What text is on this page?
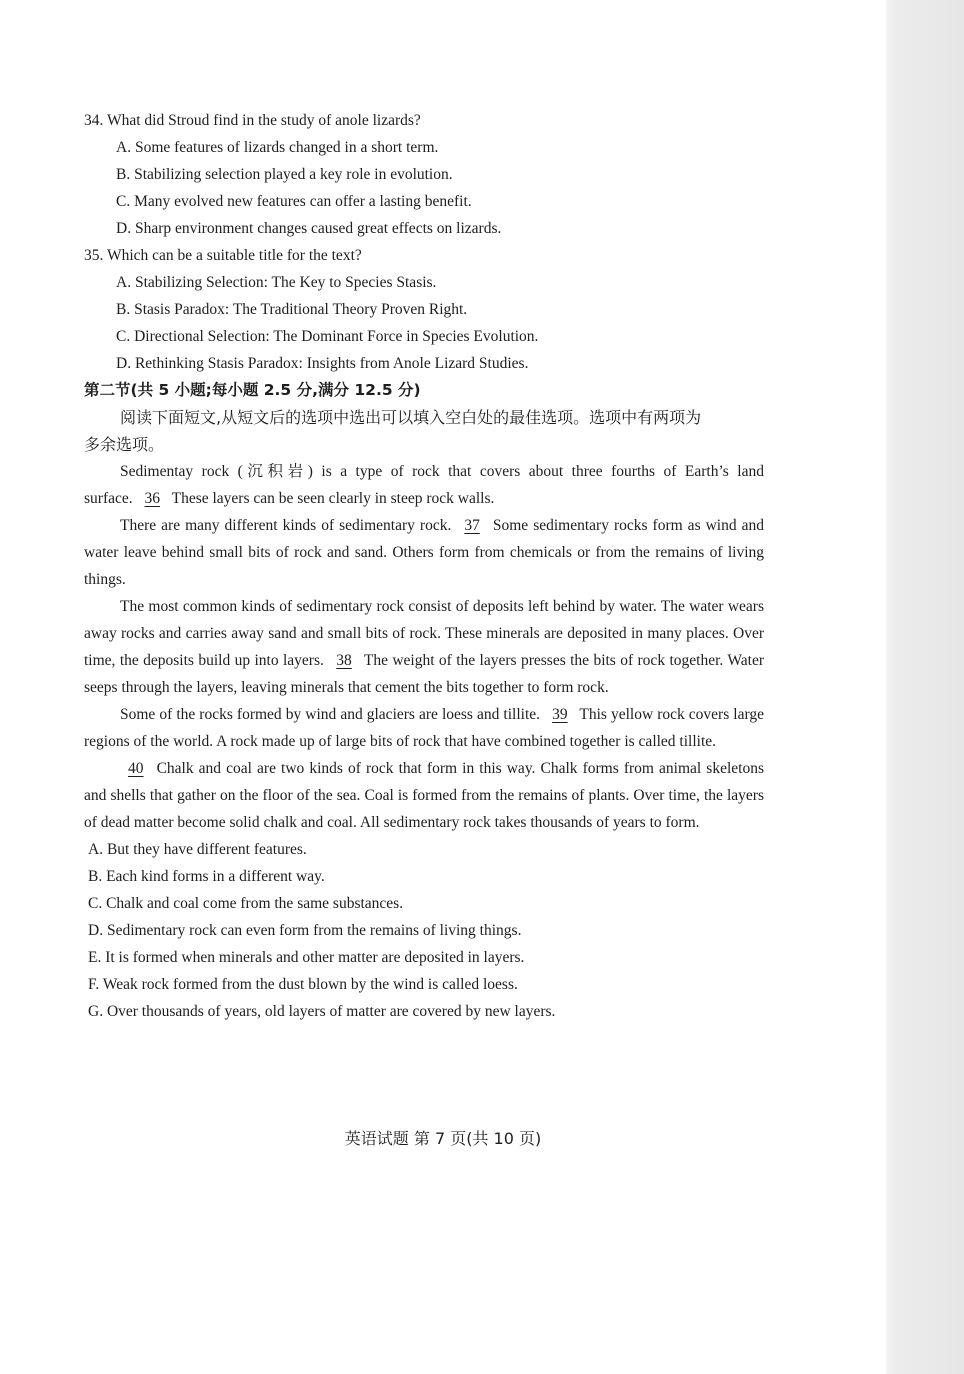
34. What did Stroud find in the study of anole lizards?
A. Some features of lizards changed in a short term.
B. Stabilizing selection played a key role in evolution.
C. Many evolved new features can offer a lasting benefit.
D. Sharp environment changes caused great effects on lizards.
35. Which can be a suitable title for the text?
A. Stabilizing Selection: The Key to Species Stasis.
B. Stasis Paradox: The Traditional Theory Proven Right.
C. Directional Selection: The Dominant Force in Species Evolution.
D. Rethinking Stasis Paradox: Insights from Anole Lizard Studies.
第二节(共 5 小题;每小题 2.5 分,满分 12.5 分)
阅读下面短文,从短文后的选项中选出可以填入空白处的最佳选项。选项中有两项为
多余选项。

Sedimentay rock (沉积岩) is a type of rock that covers about three fourths of Earth’s land

surface. 36 These layers can be seen clearly in steep rock walls.

There are many different kinds of sedimentary rock. 37 Some sedimentary rocks form as wind and water leave behind small bits of rock and sand. Others form from chemicals or from the remains of living things.

The most common kinds of sedimentary rock consist of deposits left behind by water. The water wears away rocks and carries away sand and small bits of rock. These minerals are deposited in many places. Over time, the deposits build up into layers. 38 The weight of the layers presses the bits of rock together. Water seeps through the layers, leaving minerals that cement the bits together to form rock.

Some of the rocks formed by wind and glaciers are loess and tillite. 39 This yellow rock covers large regions of the world. A rock made up of large bits of rock that have combined together is called tillite.

40 Chalk and coal are two kinds of rock that form in this way. Chalk forms from animal skeletons and shells that gather on the floor of the sea. Coal is formed from the remains of plants. Over time, the layers of dead matter become solid chalk and coal. All sedimentary rock takes thousands of years to form.

A. But they have different features.
B. Each kind forms in a different way.
C. Chalk and coal come from the same substances.
D. Sedimentary rock can even form from the remains of living things.
E. It is formed when minerals and other matter are deposited in layers.
F. Weak rock formed from the dust blown by the wind is called loess.
G. Over thousands of years, old layers of matter are covered by new layers.
英语试题 第 7 页(共 10 页)
